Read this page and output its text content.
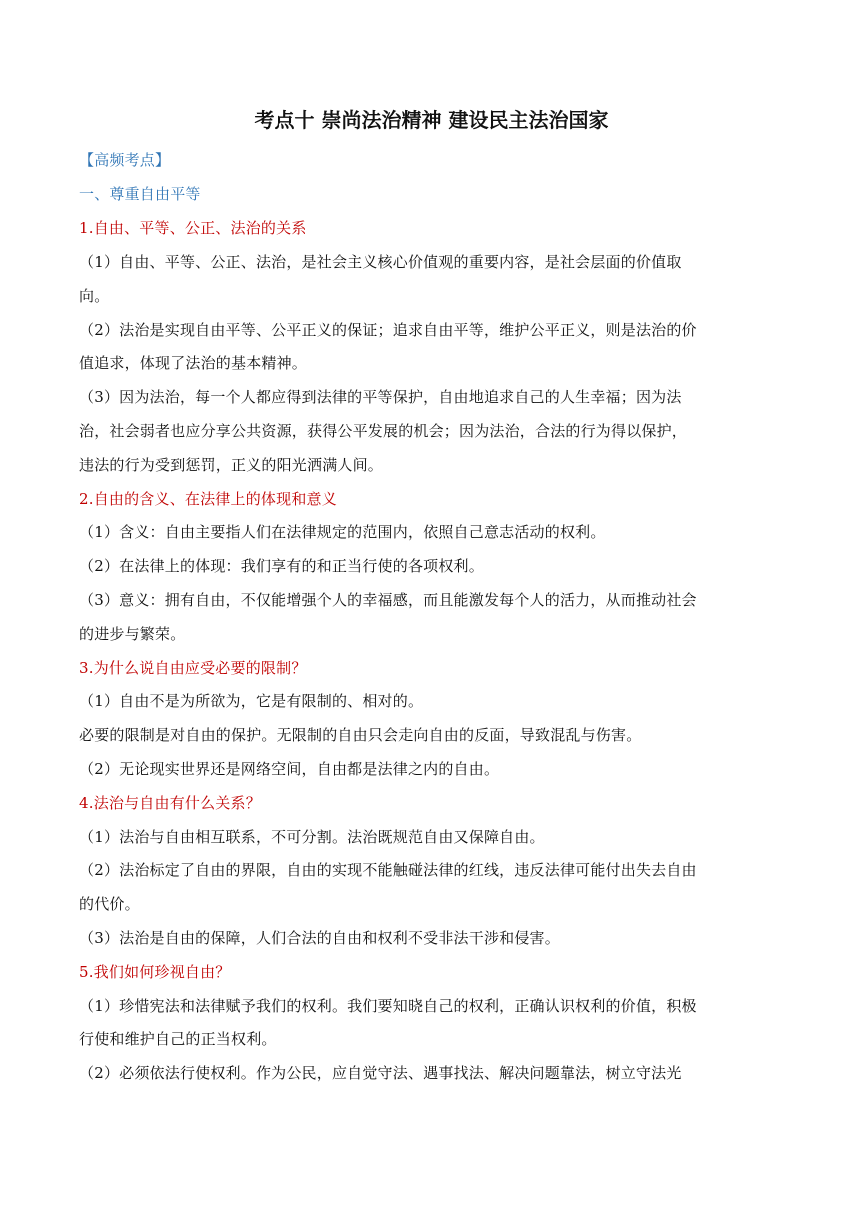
考点十 崇尚法治精神 建设民主法治国家
【高频考点】
一、尊重自由平等
1.自由、平等、公正、法治的关系
（1）自由、平等、公正、法治，是社会主义核心价值观的重要内容，是社会层面的价值取
向。
（2）法治是实现自由平等、公平正义的保证；追求自由平等，维护公平正义，则是法治的价
值追求，体现了法治的基本精神。
（3）因为法治，每一个人都应得到法律的平等保护，自由地追求自己的人生幸福；因为法
治，社会弱者也应分享公共资源，获得公平发展的机会；因为法治，合法的行为得以保护，
违法的行为受到惩罚，正义的阳光洒满人间。
2.自由的含义、在法律上的体现和意义
（1）含义：自由主要指人们在法律规定的范围内，依照自己意志活动的权利。
（2）在法律上的体现：我们享有的和正当行使的各项权利。
（3）意义：拥有自由，不仅能增强个人的幸福感，而且能激发每个人的活力，从而推动社会
的进步与繁荣。
3.为什么说自由应受必要的限制？
（1）自由不是为所欲为，它是有限制的、相对的。
必要的限制是对自由的保护。无限制的自由只会走向自由的反面，导致混乱与伤害。
（2）无论现实世界还是网络空间，自由都是法律之内的自由。
4.法治与自由有什么关系？
（1）法治与自由相互联系，不可分割。法治既规范自由又保障自由。
（2）法治标定了自由的界限，自由的实现不能触碰法律的红线，违反法律可能付出失去自由
的代价。
（3）法治是自由的保障，人们合法的自由和权利不受非法干涉和侵害。
5.我们如何珍视自由？
（1）珍惜宪法和法律赋予我们的权利。我们要知晓自己的权利，正确认识权利的价值，积极
行使和维护自己的正当权利。
（2）必须依法行使权利。作为公民，应自觉守法、遇事找法、解决问题靠法，树立守法光
